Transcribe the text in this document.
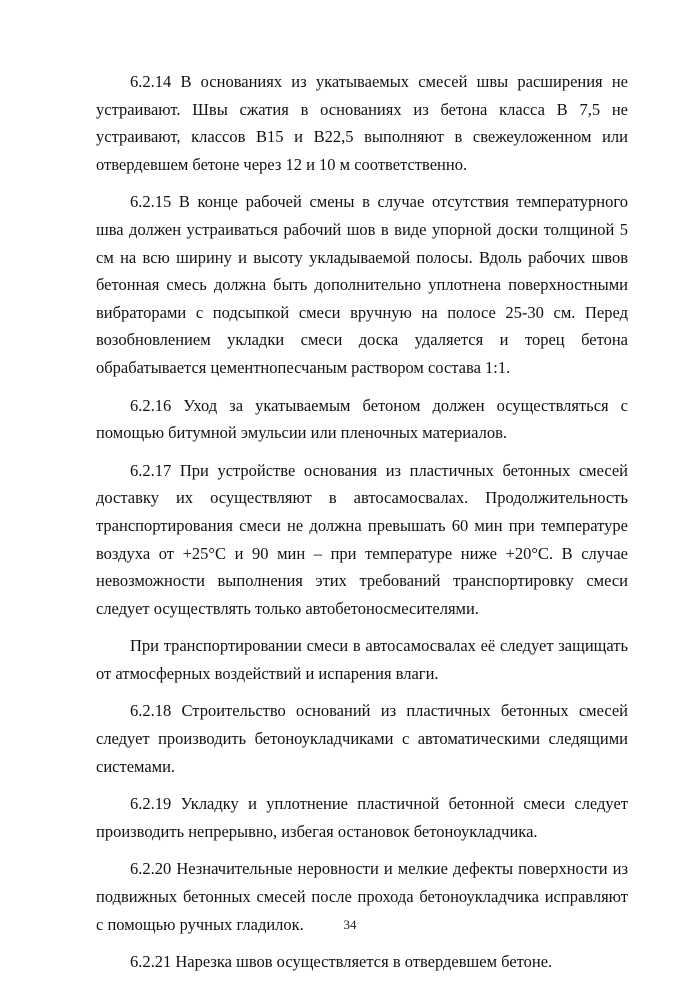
6.2.14 В основаниях из укатываемых смесей швы расширения не устраивают. Швы сжатия в основаниях из бетона класса В 7,5 не устраивают, классов В15 и В22,5 выполняют в свежеуложенном или отвердевшем бетоне через 12 и 10 м соответственно.

6.2.15 В конце рабочей смены в случае отсутствия температурного шва должен устраиваться рабочий шов в виде упорной доски толщиной 5 см на всю ширину и высоту укладываемой полосы. Вдоль рабочих швов бетонная смесь должна быть дополнительно уплотнена поверхностными вибраторами с подсыпкой смеси вручную на полосе 25-30 см. Перед возобновлением укладки смеси доска удаляется и торец бетона обрабатывается цементнопесчаным раствором состава 1:1.

6.2.16 Уход за укатываемым бетоном должен осуществляться с помощью битумной эмульсии или пленочных материалов.

6.2.17 При устройстве основания из пластичных бетонных смесей доставку их осуществляют в автосамосвалах. Продолжительность транспортирования смеси не должна превышать 60 мин при температуре воздуха от +25°С и 90 мин – при температуре ниже +20°С. В случае невозможности выполнения этих требований транспортировку смеси следует осуществлять только автобетоносмесителями.

При транспортировании смеси в автосамосвалах её следует защищать от атмосферных воздействий и испарения влаги.

6.2.18 Строительство оснований из пластичных бетонных смесей следует производить бетоноукладчиками с автоматическими следящими системами.

6.2.19 Укладку и уплотнение пластичной бетонной смеси следует производить непрерывно, избегая остановок бетоноукладчика.

6.2.20 Незначительные неровности и мелкие дефекты поверхности из подвижных бетонных смесей после прохода бетоноукладчика исправляют с помощью ручных гладилок.

6.2.21 Нарезка швов осуществляется в отвердевшем бетоне.

34
